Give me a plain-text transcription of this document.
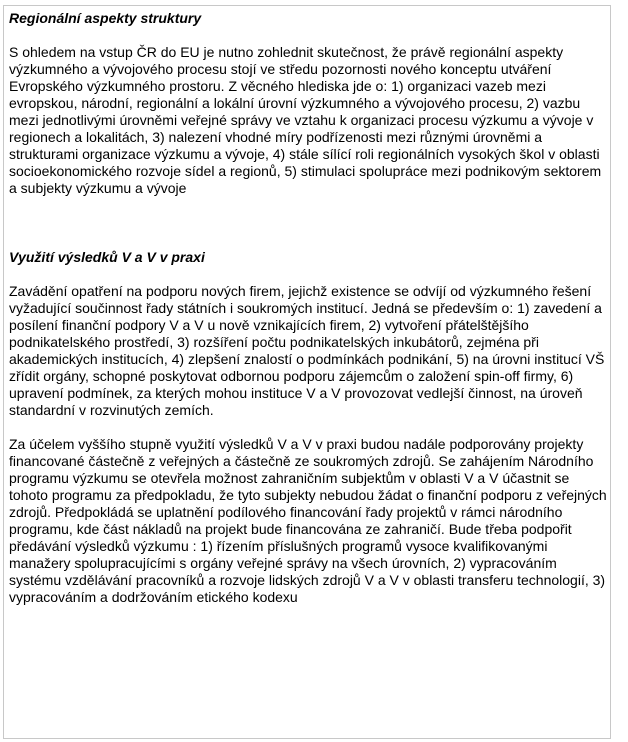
Regionální aspekty struktury

S ohledem na vstup ČR do EU je nutno zohlednit skutečnost, že právě regionální aspekty výzkumného a vývojového procesu stojí ve středu pozornosti nového konceptu utváření Evropského výzkumného prostoru. Z věcného hlediska jde o: 1) organizaci vazeb mezi evropskou, národní, regionální a lokální úrovní výzkumného a vývojového procesu, 2) vazbu mezi jednotlivými úrovněmi veřejné správy ve vztahu k organizaci procesu výzkumu a vývoje v regionech a lokalitách, 3) nalezení vhodné míry podřízenosti mezi různými úrovněmi a strukturami organizace výzkumu a vývoje, 4) stále sílící roli regionálních vysokých škol v oblasti socioekonomického rozvoje sídel a regionů, 5) stimulaci spolupráce mezi podnikovým sektorem a subjekty výzkumu a vývoje

Využití výsledků V a V v praxi

Zavádění opatření na podporu nových firem, jejichž existence se odvíjí od výzkumného řešení vyžadující součinnost řady státních i soukromých institucí. Jedná se především o: 1) zavedení a posílení finanční podpory V a V u nově vznikajících firem, 2) vytvoření přátelštějšího podnikatelského prostředí, 3) rozšíření počtu podnikatelských inkubátorů, zejména při akademických institucích, 4) zlepšení znalostí o podmínkách podnikání, 5) na úrovni institucí VŠ zřídit orgány, schopné poskytovat odbornou podporu zájemcům o založení spin-off firmy, 6) upravení podmínek, za kterých mohou instituce V a V provozovat vedlejší činnost, na úroveň standardní v rozvinutých zemích.

Za účelem vyššího stupně využití výsledků V a V v praxi budou nadále podporovány projekty financované částečně z veřejných a částečně ze soukromých zdrojů. Se zahájením Národního programu výzkumu se otevřela možnost zahraničním subjektům v oblasti V a V účastnit se tohoto programu za předpokladu, že tyto subjekty nebudou žádat o finanční podporu z veřejných zdrojů. Předpokládá se uplatnění podílového financování řady projektů v rámci národního programu, kde část nákladů na projekt bude financována ze zahraničí. Bude třeba podpořit předávání výsledků výzkumu : 1) řízením příslušných programů vysoce kvalifikovanými manažery spolupracujícími s orgány veřejné správy na všech úrovních, 2) vypracováním systému vzdělávání pracovníků a rozvoje lidských zdrojů V a V v oblasti transferu technologií, 3) vypracováním a dodržováním etického kodexu
